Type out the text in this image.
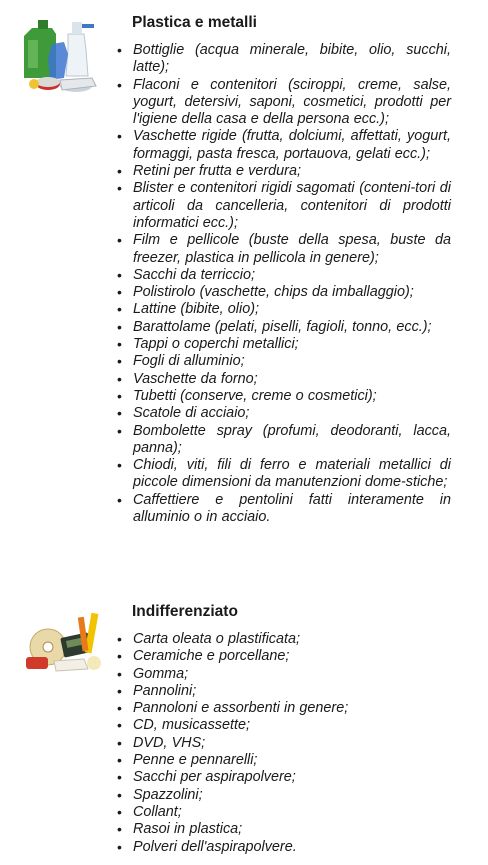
Plastica e metalli
• Bottiglie (acqua minerale, bibite, olio, succhi, latte);
• Flaconi e contenitori (sciroppi, creme, salse, yogurt, detersivi, saponi, cosmetici, prodotti per l'igiene della casa e della persona ecc.);
• Vaschette rigide (frutta, dolciumi, affettati, yogurt, formaggi, pasta fresca, portauova, gelati ecc.);
• Retini per frutta e verdura;
• Blister e contenitori rigidi sagomati (conteni-tori di articoli da cancelleria, contenitori di prodotti informatici ecc.);
• Film e pellicole (buste della spesa, buste da freezer, plastica in pellicola in genere);
• Sacchi da terriccio;
• Polistirolo (vaschette, chips da imballaggio);
• Lattine (bibite, olio);
• Barattolame (pelati, piselli, fagioli, tonno, ecc.);
• Tappi o coperchi metallici;
• Fogli di alluminio;
• Vaschette da forno;
• Tubetti (conserve, creme o cosmetici);
• Scatole di acciaio;
• Bombolette spray (profumi, deodoranti, lacca, panna);
• Chiodi, viti, fili di ferro e materiali metallici di piccole dimensioni da manutenzioni dome-stiche;
• Caffettiere e pentolini fatti interamente in alluminio o in acciaio.
Indifferenziato
• Carta oleata o plastificata;
• Ceramiche e porcellane;
• Gomma;
• Pannolini;
• Pannoloni e assorbenti in genere;
• CD, musicassette;
• DVD, VHS;
• Penne e pennarelli;
• Sacchi per aspirapolvere;
• Spazzolini;
• Collant;
• Rasoi in plastica;
• Polveri dell'aspirapolvere.
